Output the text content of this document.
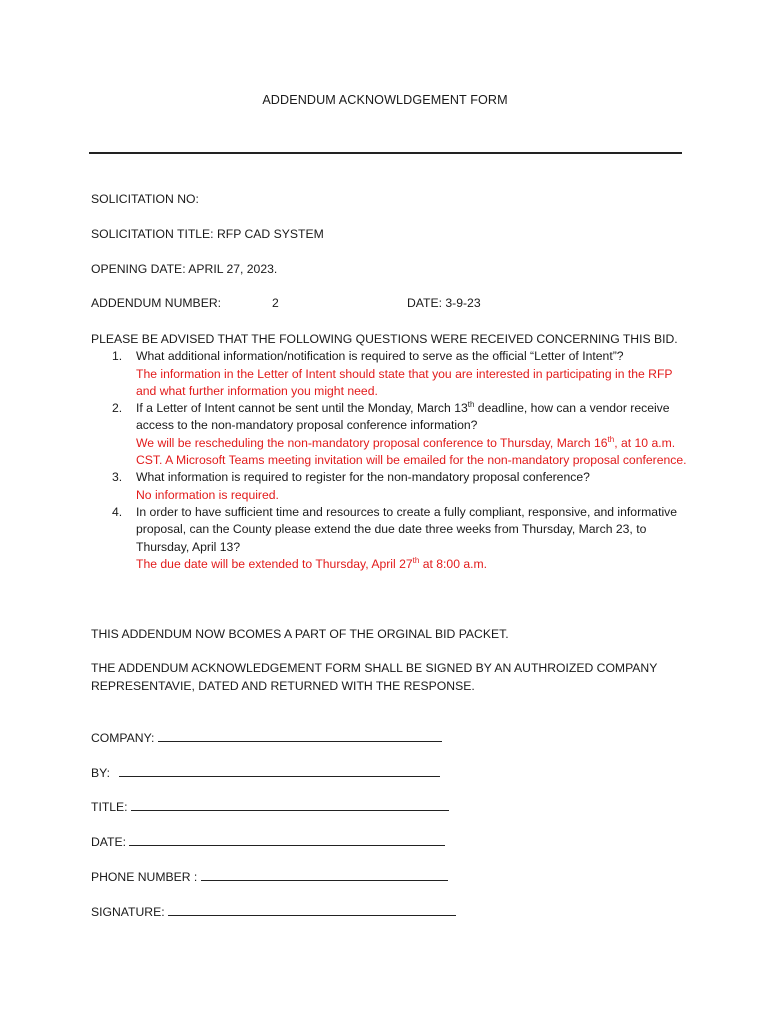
ADDENDUM ACKNOWLDGEMENT FORM
SOLICITATION NO:
SOLICITATION TITLE: RFP CAD SYSTEM
OPENING DATE: APRIL 27, 2023.
ADDENDUM NUMBER:	2	DATE: 3-9-23

PLEASE BE ADVISED THAT THE FOLLOWING QUESTIONS WERE RECEIVED CONCERNING THIS BID.

1. What additional information/notification is required to serve as the official “Letter of Intent”?
The information in the Letter of Intent should state that you are interested in participating in the RFP and what further information you might need.
2. If a Letter of Intent cannot be sent until the Monday, March 13th deadline, how can a vendor receive access to the non-mandatory proposal conference information?
We will be rescheduling the non-mandatory proposal conference to Thursday, March 16th, at 10 a.m. CST. A Microsoft Teams meeting invitation will be emailed for the non-mandatory proposal conference.
3. What information is required to register for the non-mandatory proposal conference?
No information is required.
4. In order to have sufficient time and resources to create a fully compliant, responsive, and informative proposal, can the County please extend the due date three weeks from Thursday, March 23, to Thursday, April 13?
The due date will be extended to Thursday, April 27th at 8:00 a.m.
THIS ADDENDUM NOW BCOMES A PART OF THE ORGINAL BID PACKET.
THE ADDENDUM ACKNOWLEDGEMENT FORM SHALL BE SIGNED BY AN AUTHROIZED COMPANY REPRESENTAVIE, DATED AND RETURNED WITH THE RESPONSE.
COMPANY:
BY:
TITLE:
DATE:
PHONE NUMBER :
SIGNATURE:
